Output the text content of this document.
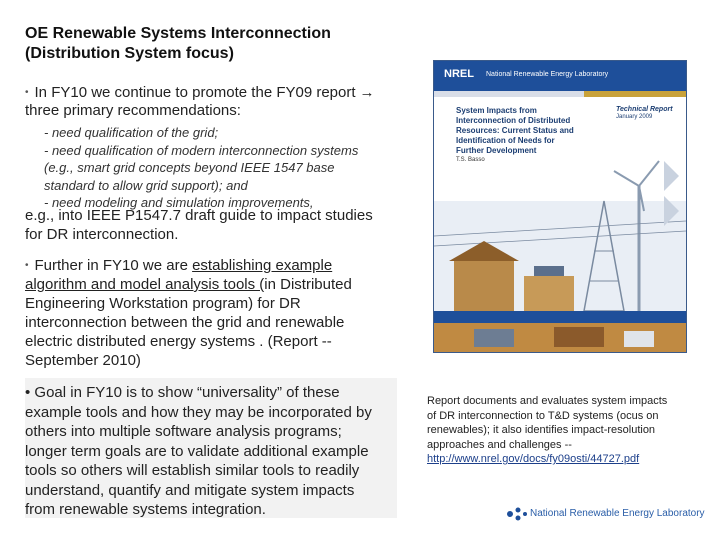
OE Renewable Systems Interconnection
(Distribution System focus)
• In FY10 we continue to promote the FY09 report →
three primary recommendations:
- need qualification of the grid;
- need qualification of modern interconnection systems
(e.g., smart grid concepts beyond IEEE 1547 base
standard to allow grid support); and
- need modeling and simulation improvements,
e.g., into IEEE P1547.7 draft guide to impact studies
for DR interconnection.
• Further in FY10 we are establishing example
algorithm and model analysis tools (in Distributed
Engineering Workstation program) for DR
interconnection between the grid and renewable
electric distributed energy systems . (Report --
September 2010)
• Goal in FY10 is to show “universality” of these
example tools and how they may be incorporated by
others into multiple software analysis programs;
longer term goals are to validate additional example
tools so others will establish similar tools to readily
understand, quantify and mitigate system impacts
from renewable systems integration.
NREL National Renewable Energy Laboratory
System Impacts from
Interconnection of Distributed
Resources: Current Status and
Identification of Needs for
Further Development
T.S. Basso
Technical Report
January 2009
Report documents and evaluates system impacts
of DR interconnection to T&D systems (ocus on
renewables); it also identifies impact-resolution
approaches and challenges --
http://www.nrel.gov/docs/fy09osti/44727.pdf
National Renewable Energy Laboratory
